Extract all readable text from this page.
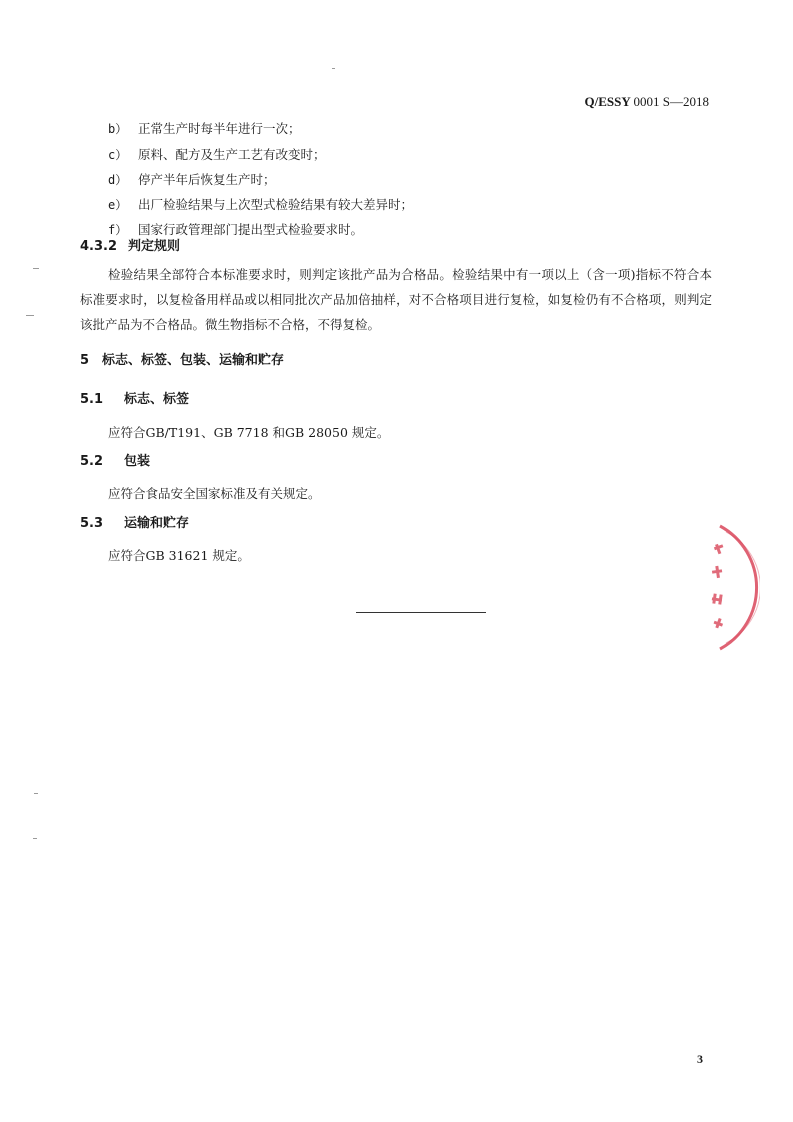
Q/ESSY 0001 S—2018
b） 正常生产时每半年进行一次；
c） 原料、配方及生产工艺有改变时；
d） 停产半年后恢复生产时；
e） 出厂检验结果与上次型式检验结果有较大差异时；
f） 国家行政管理部门提出型式检验要求时。
4.3.2 判定规则
检验结果全部符合本标准要求时，则判定该批产品为合格品。检验结果中有一项以上（含一项)指标不符合本标准要求时，以复检备用样品或以相同批次产品加倍抽样，对不合格项目进行复检，如复检仍有不合格项，则判定该批产品为不合格品。微生物指标不合格，不得复检。
5 标志、标签、包装、运输和贮存
5.1 标志、标签
应符合GB/T191、GB 7718 和GB 28050 规定。
5.2 包装
应符合食品安全国家标准及有关规定。
5.3 运输和贮存
应符合GB 31621 规定。
3
